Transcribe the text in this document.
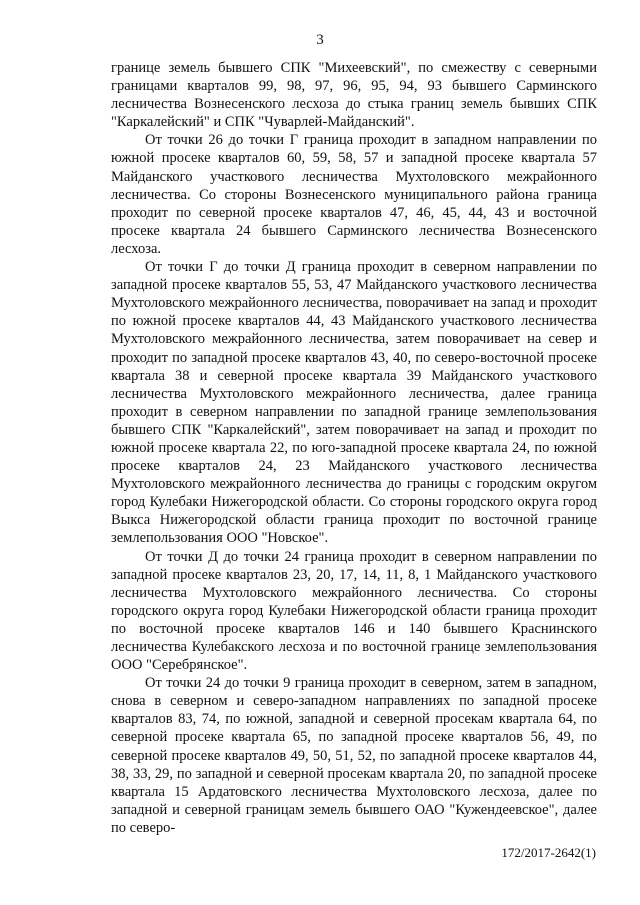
3

границе земель бывшего СПК "Михеевский", по смежеству с северными границами кварталов 99, 98, 97, 96, 95, 94, 93 бывшего Сарминского лесничества Вознесенского лесхоза до стыка границ земель бывших СПК "Каркалейский" и СПК "Чуварлей-Майданский".

От точки 26 до точки Г граница проходит в западном направлении по южной просеке кварталов 60, 59, 58, 57 и западной просеке квартала 57 Майданского участкового лесничества Мухтоловского межрайонного лесничества. Со стороны Вознесенского муниципального района граница проходит по северной просеке кварталов 47, 46, 45, 44, 43 и восточной просеке квартала 24 бывшего Сарминского лесничества Вознесенского лесхоза.

От точки Г до точки Д граница проходит в северном направлении по западной просеке кварталов 55, 53, 47 Майданского участкового лесничества Мухтоловского межрайонного лесничества, поворачивает на запад и проходит по южной просеке кварталов 44, 43 Майданского участкового лесничества Мухтоловского межрайонного лесничества, затем поворачивает на север и проходит по западной просеке кварталов 43, 40, по северо-восточной просеке квартала 38 и северной просеке квартала 39 Майданского участкового лесничества Мухтоловского межрайонного лесничества, далее граница проходит в северном направлении по западной границе землепользования бывшего СПК "Каркалейский", затем поворачивает на запад и проходит по южной просеке квартала 22, по юго-западной просеке квартала 24, по южной просеке кварталов 24, 23 Майданского участкового лесничества Мухтоловского межрайонного лесничества до границы с городским округом город Кулебаки Нижегородской области. Со стороны городского округа город Выкса Нижегородской области граница проходит по восточной границе землепользования ООО "Новское".

От точки Д до точки 24 граница проходит в северном направлении по западной просеке кварталов 23, 20, 17, 14, 11, 8, 1 Майданского участкового лесничества Мухтоловского межрайонного лесничества. Со стороны городского округа город Кулебаки Нижегородской области граница проходит по восточной просеке кварталов 146 и 140 бывшего Краснинского лесничества Кулебакского лесхоза и по восточной границе землепользования ООО "Серебрянское".

От точки 24 до точки 9 граница проходит в северном, затем в западном, снова в северном и северо-западном направлениях по западной просеке кварталов 83, 74, по южной, западной и северной просекам квартала 64, по северной просеке квартала 65, по западной просеке кварталов 56, 49, по северной просеке кварталов 49, 50, 51, 52, по западной просеке кварталов 44, 38, 33, 29, по западной и северной просекам квартала 20, по западной просеке квартала 15 Ардатовского лесничества Мухтоловского лесхоза, далее по западной и северной границам земель бывшего ОАО "Кужендеевское", далее по северо-

172/2017-2642(1)
